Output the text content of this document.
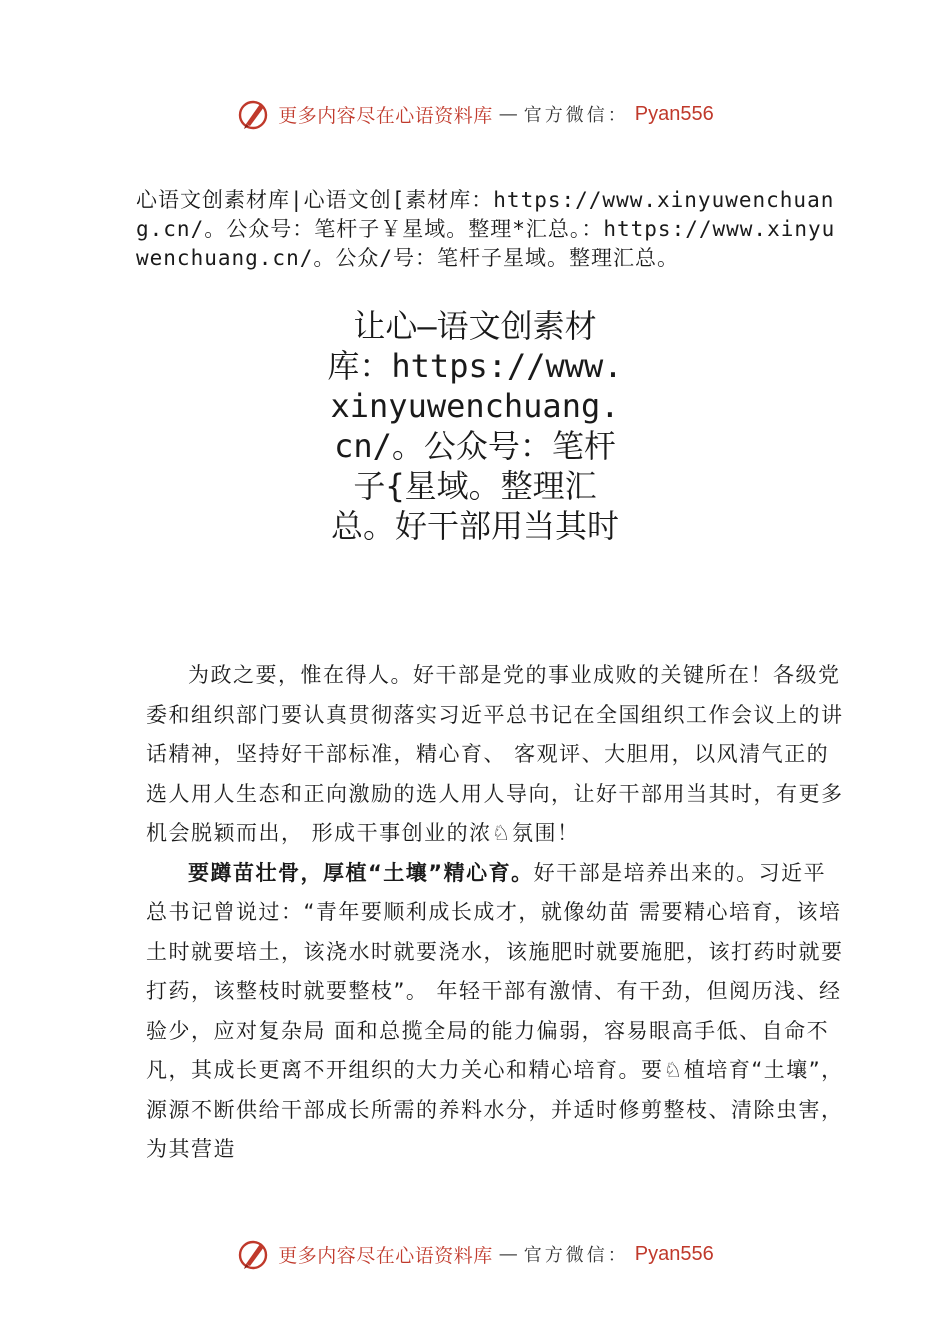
更多内容尽在心语资料库 — 官方微信： Pyan556

心语文创素材库|心语文创[素材库：https://www.xinyuwenchuang.cn/。公众号：笔杆子￥星域。整理*汇总。：https://www.xinyuwenchuang.cn/。公众/号：笔杆子星域。整理汇总。

让心—语文创素材库：https://www.xinyuwenchuang.cn/。公众号：笔杆子{星域。整理汇总。好干部用当其时

为政之要，惟在得人。好干部是党的事业成败的关键所在！各级党委和组织部门要认真贯彻落实习近平总书记在全国组织工作会议上的讲话精神，坚持好干部标准，精心育、 客观评、大胆用，以风清气正的选人用人生态和正向激励的选人用人导向，让好干部用当其时，有更多机会脱颖而出， 形成干事创业的浓♘氛围！

要蹲苗壮骨，厚植“土壤”精心育。好干部是培养出来的。习近平总书记曾说过：“青年要顺利成长成才，就像幼苗 需要精心培育，该培土时就要培土，该浇水时就要浇水，该施肥时就要施肥，该打药时就要打药，该整枝时就要整枝”。 年轻干部有激情、有干劲，但阅历浅、经验少，应对复杂局 面和总揽全局的能力偏弱，容易眼高手低、自命不凡，其成长更离不开组织的大力关心和精心培育。要♘植培育“土壤”，源源不断供给干部成长所需的养料水分，并适时修剪整枝、清除虫害，为其营造

更多内容尽在心语资料库 — 官方微信： Pyan556
